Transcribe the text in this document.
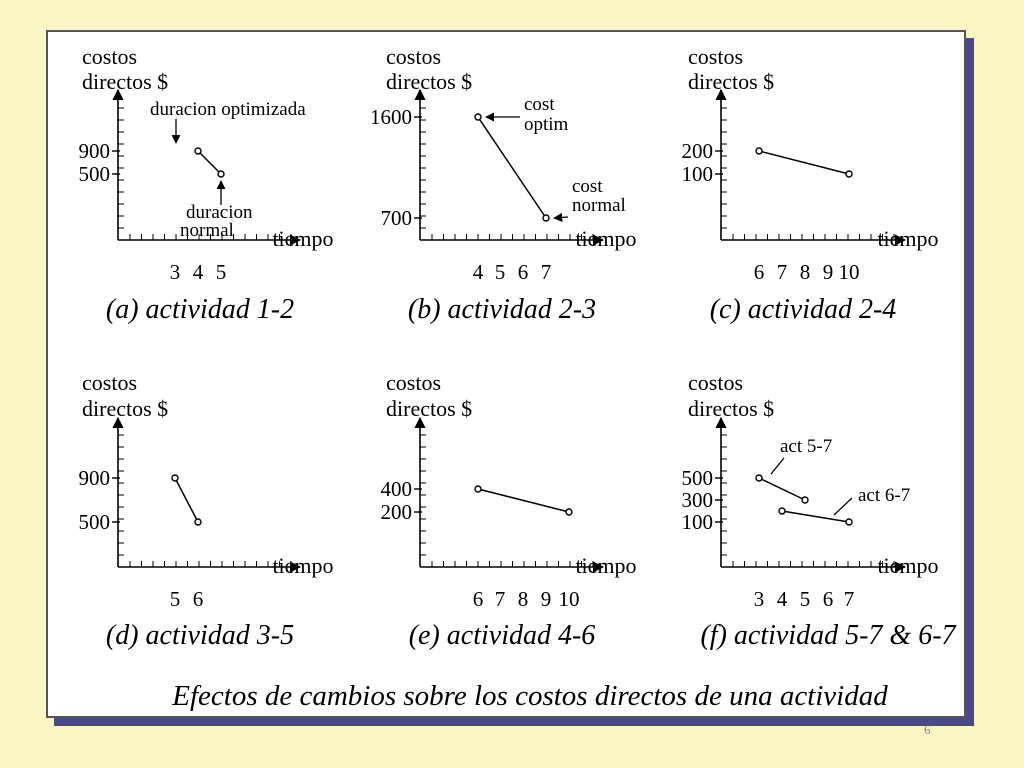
costos
directos $
tiempo
900
500
3 4 5
(a) actividad 1-2
costos
directos $
tiempo
1600
700
4 5 6 7
(b) actividad 2-3
costos
directos $
tiempo
200
100
6 7 8 9 10
(c) actividad 2-4
costos
directos $
tiempo
900
500
5 6
(d) actividad 3-5
costos
directos $
tiempo
400
200
6 7 8 9 10
(e) actividad 4-6
costos
directos $
tiempo
500
300
100
3 4 5 6 7
(f) actividad 5-7 & 6-7
duracion optimizada
duracion
normal
cost
optim
cost
normal
act 5-7
act 6-7
Efectos de cambios sobre los costos directos de una actividad
6
